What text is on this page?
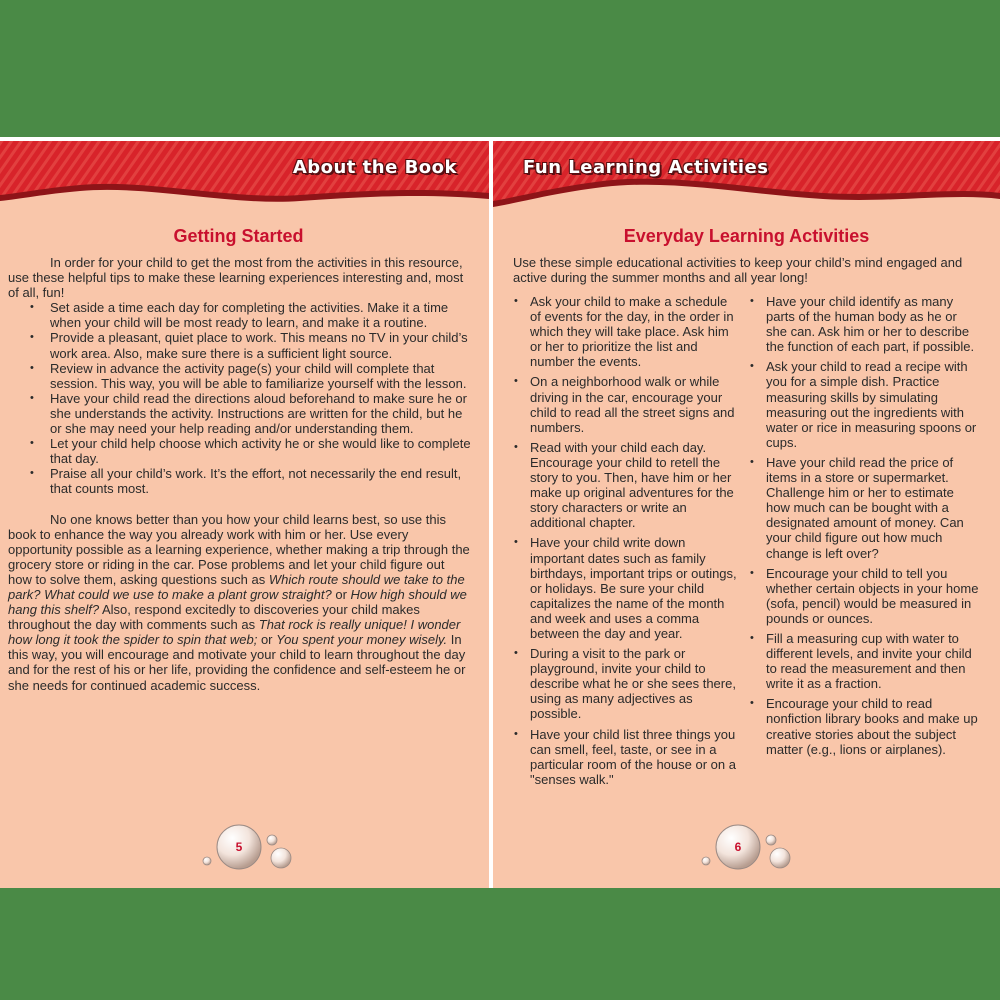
About the Book
Getting Started

In order for your child to get the most from the activities in this resource, use these helpful tips to make these learning experiences interesting and, most of all, fun!

• Set aside a time each day for completing the activities. Make it a time when your child will be most ready to learn, and make it a routine.
• Provide a pleasant, quiet place to work. This means no TV in your child’s work area. Also, make sure there is a sufficient light source.
• Review in advance the activity page(s) your child will complete that session. This way, you will be able to familiarize yourself with the lesson.
• Have your child read the directions aloud beforehand to make sure he or she understands the activity. Instructions are written for the child, but he or she may need your help reading and/or understanding them.
• Let your child help choose which activity he or she would like to complete that day.
• Praise all your child’s work. It’s the effort, not necessarily the end result, that counts most.

No one knows better than you how your child learns best, so use this book to enhance the way you already work with him or her. Use every opportunity possible as a learning experience, whether making a trip through the grocery store or riding in the car. Pose problems and let your child figure out how to solve them, asking questions such as Which route should we take to the park? What could we use to make a plant grow straight? or How high should we hang this shelf? Also, respond excitedly to discoveries your child makes throughout the day with comments such as That rock is really unique! I wonder how long it took the spider to spin that web; or You spent your money wisely. In this way, you will encourage and motivate your child to learn throughout the day and for the rest of his or her life, providing the confidence and self-esteem he or she needs for continued academic success.

5
Fun Learning Activities
Everyday Learning Activities
Use these simple educational activities to keep your child’s mind engaged and active during the summer months and all year long!
• Ask your child to make a schedule of events for the day, in the order in which they will take place. Ask him or her to prioritize the list and number the events.
• On a neighborhood walk or while driving in the car, encourage your child to read all the street signs and numbers.
• Read with your child each day. Encourage your child to retell the story to you. Then, have him or her make up original adventures for the story characters or write an additional chapter.
• Have your child write down important dates such as family birthdays, important trips or outings, or holidays. Be sure your child capitalizes the name of the month and week and uses a comma between the day and year.
• During a visit to the park or playground, invite your child to describe what he or she sees there, using as many adjectives as possible.
• Have your child list three things you can smell, feel, taste, or see in a particular room of the house or on a "senses walk."
• Have your child identify as many parts of the human body as he or she can. Ask him or her to describe the function of each part, if possible.
• Ask your child to read a recipe with you for a simple dish. Practice measuring skills by simulating measuring out the ingredients with water or rice in measuring spoons or cups.
• Have your child read the price of items in a store or supermarket. Challenge him or her to estimate how much can be bought with a designated amount of money. Can your child figure out how much change is left over?
• Encourage your child to tell you whether certain objects in your home (sofa, pencil) would be measured in pounds or ounces.
• Fill a measuring cup with water to different levels, and invite your child to read the measurement and then write it as a fraction.
• Encourage your child to read nonfiction library books and make up creative stories about the subject matter (e.g., lions or airplanes).
6
